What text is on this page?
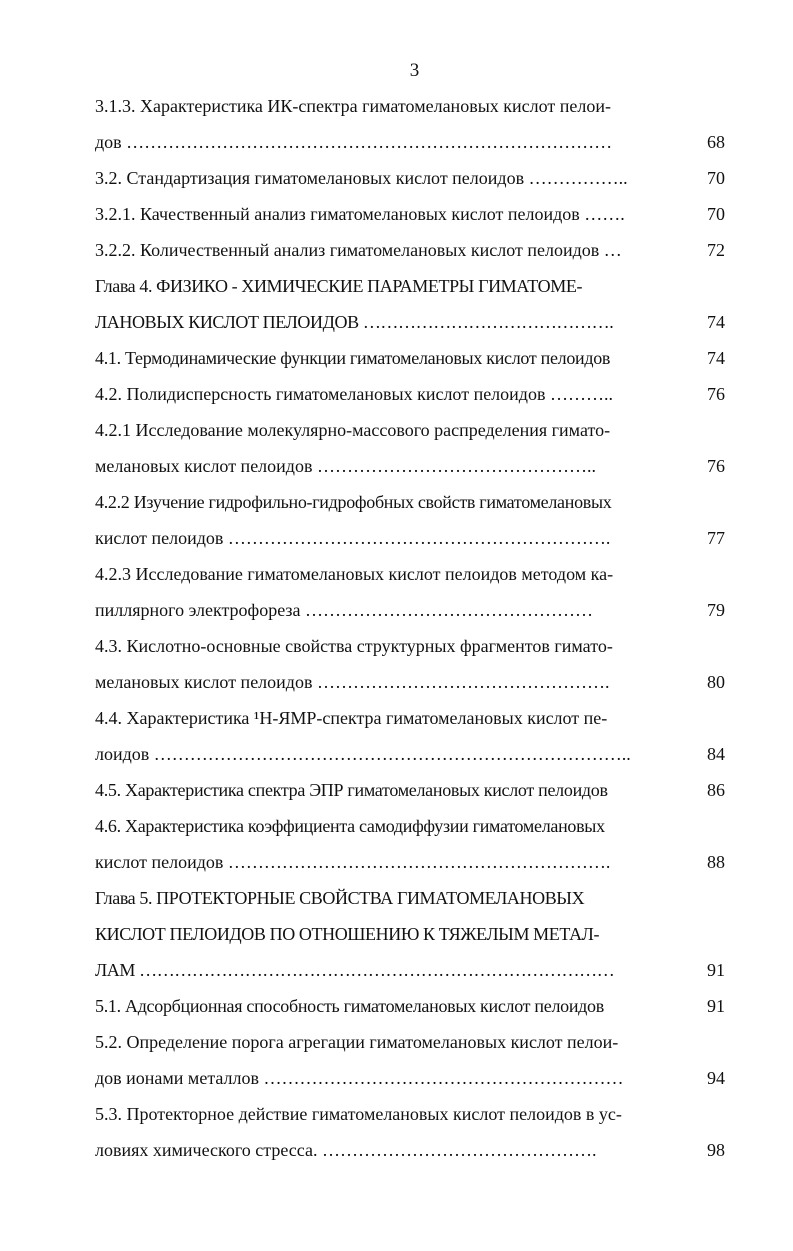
3
3.1.3. Характеристика ИК-спектра гиматомелановых кислот пелои-
дов ………………………………………………………………………	68
3.2. Стандартизация гиматомелановых кислот пелоидов ……………..	70
3.2.1. Качественный анализ гиматомелановых кислот пелоидов …….	70
3.2.2. Количественный анализ гиматомелановых кислот пелоидов …	72
Глава 4. ФИЗИКО - ХИМИЧЕСКИЕ ПАРАМЕТРЫ ГИМАТОМЕ-
ЛАНОВЫХ КИСЛОТ ПЕЛОИДОВ …………………………………….	74
4.1. Термодинамические функции гиматомелановых кислот пелоидов	74
4.2. Полидисперсность гиматомелановых кислот пелоидов ………..	76
4.2.1 Исследование молекулярно-массового распределения гимато-
мелановых кислот пелоидов ………………………………………..	76
4.2.2 Изучение гидрофильно-гидрофобных свойств гиматомелановых
кислот пелоидов ……………………………………………………….	77
4.2.3 Исследование гиматомелановых кислот пелоидов методом ка-
пиллярного электрофореза …………………………………………	79
4.3. Кислотно-основные свойства структурных фрагментов гимато-
мелановых кислот пелоидов ………………………………………….	80
4.4. Характеристика ¹Н-ЯМР-спектра гиматомелановых кислот пе-
лоидов ……………………………………………………………………..	84
4.5. Характеристика спектра ЭПР гиматомелановых кислот пелоидов	86
4.6. Характеристика коэффициента самодиффузии гиматомелановых
кислот пелоидов ……………………………………………………….	88
Глава 5. ПРОТЕКТОРНЫЕ СВОЙСТВА ГИМАТОМЕЛАНОВЫХ
КИСЛОТ ПЕЛОИДОВ ПО ОТНОШЕНИЮ К ТЯЖЕЛЫМ МЕТАЛ-
ЛАМ ………………………………………………………………………	91
5.1. Адсорбционная способность гиматомелановых кислот пелоидов	91
5.2. Определение порога агрегации гиматомелановых кислот пелои-
дов ионами металлов ……………………………………………………	94
5.3. Протекторное действие гиматомелановых кислот пелоидов в ус-
ловиях химического стресса. ……………………………………….	98
